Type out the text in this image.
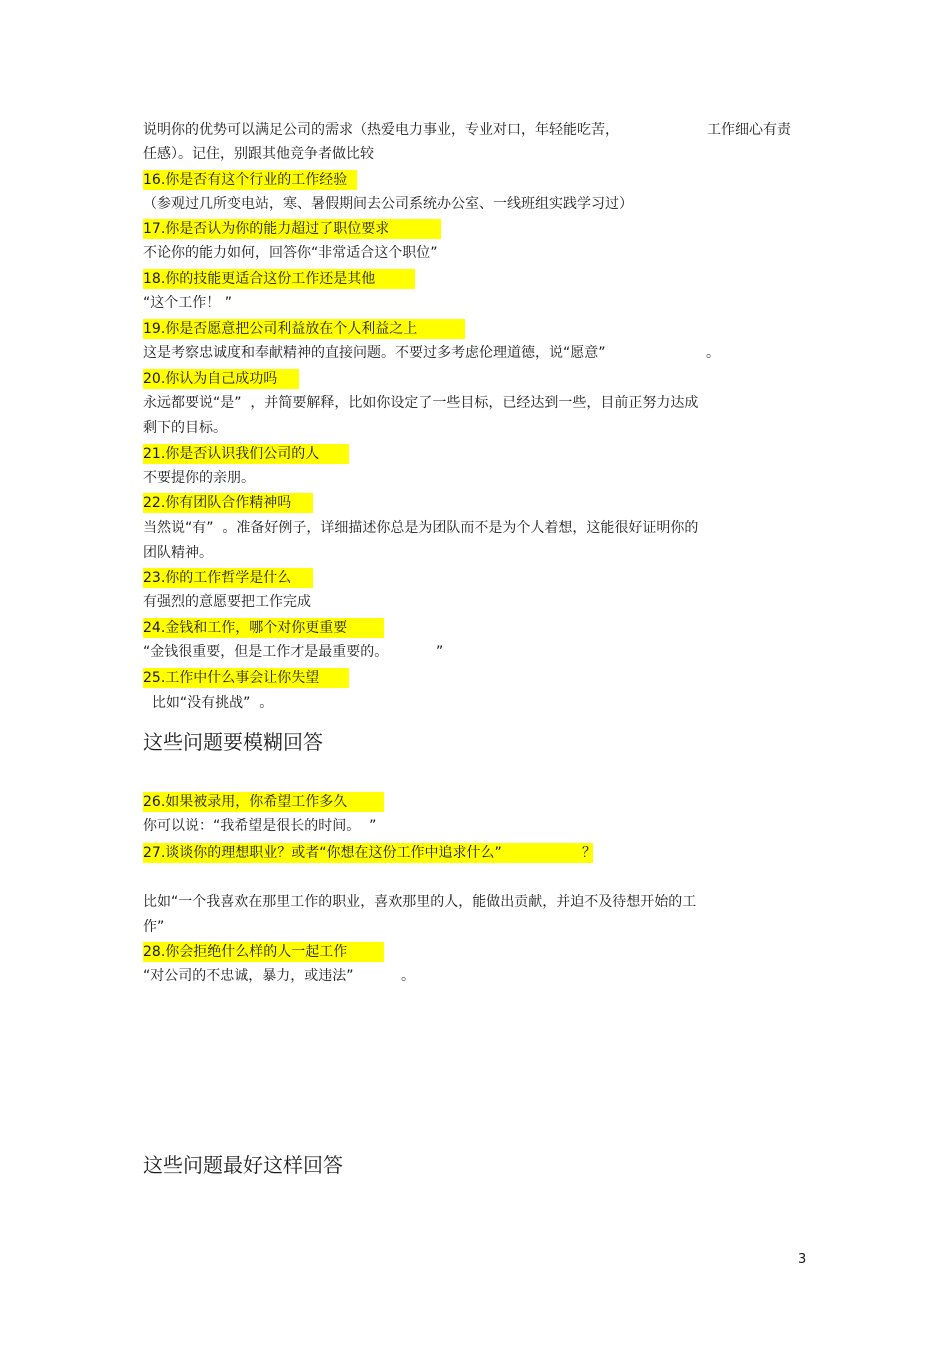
说明你的优势可以满足公司的需求（热爱电力事业，专业对口，年轻能吃苦，	工作细心有责
任感）。记住，别跟其他竞争者做比较
16.你是否有这个行业的工作经验
（参观过几所变电站，寒、暑假期间去公司系统办公室、一线班组实践学习过）
17.你是否认为你的能力超过了职位要求
不论你的能力如何，回答你“非常适合这个职位”
18.你的技能更适合这份工作还是其他
“这个工作！ ”
19.你是否愿意把公司利益放在个人利益之上
这是考察忠诚度和奉献精神的直接问题。不要过多考虑伦理道德，说“愿意”	。
20.你认为自己成功吗
永远都要说“是”  ，并简要解释，比如你设定了一些目标，已经达到一些，目前正努力达成
剩下的目标。
21.你是否认识我们公司的人
不要提你的亲朋。
22.你有团队合作精神吗
当然说“有”  。准备好例子，详细描述你总是为团队而不是为个人着想，这能很好证明你的
团队精神。
23.你的工作哲学是什么
有强烈的意愿要把工作完成
24.金钱和工作，哪个对你更重要
“金钱很重要，但是工作才是最重要的。	”
25.工作中什么事会让你失望
比如“没有挑战”  。
这些问题要模糊回答
26.如果被录用，你希望工作多久
你可以说：“我希望是很长的时间。  ”
27.谈谈你的理想职业？或者“你想在这份工作中追求什么”	？
比如“一个我喜欢在那里工作的职业，喜欢那里的人，能做出贡献，并迫不及待想开始的工
作”
28.你会拒绝什么样的人一起工作
“对公司的不忠诚，暴力，或违法”	。
这些问题最好这样回答
3
